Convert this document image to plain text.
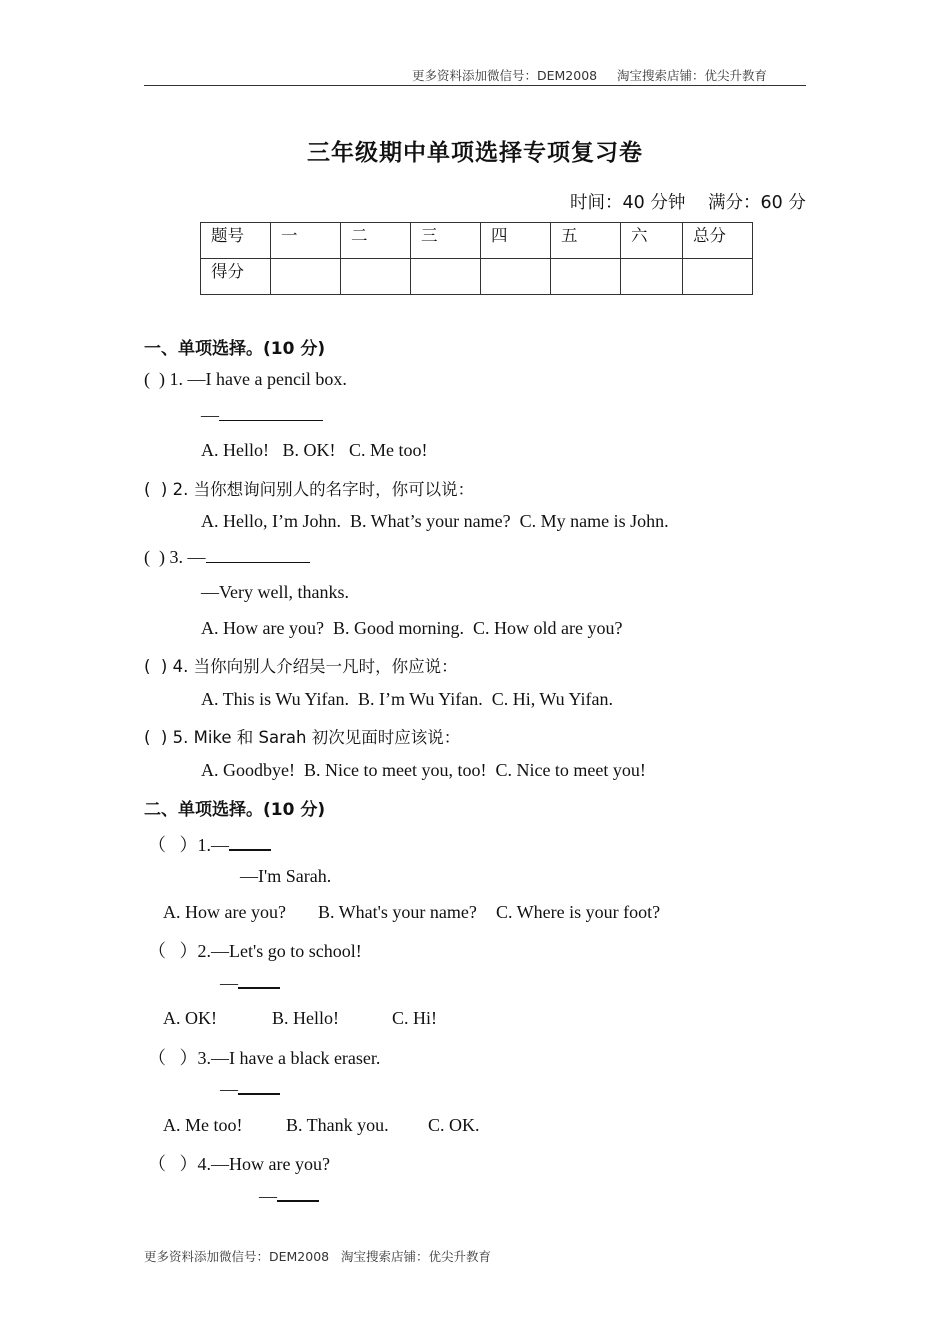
更多资料添加微信号：DEM2008     淘宝搜索店铺：优尖升教育
三年级期中单项选择专项复习卷
时间：40 分钟 满分：60 分
题号	一	二	三	四	五	六	总分
得分							
一、单项选择。(10 分)
(  ) 1. —I have a pencil box.
—
A. Hello!   B. OK!   C. Me too!
(  ) 2. 当你想询问别人的名字时，你可以说：
A. Hello, I’m John.  B. What’s your name?  C. My name is John.
(  ) 3. —
—Very well, thanks.
A. How are you?  B. Good morning.  C. How old are you?
(  ) 4. 当你向别人介绍吴一凡时，你应说：
A. This is Wu Yifan.  B. I’m Wu Yifan.  C. Hi, Wu Yifan.
(  ) 5. Mike 和 Sarah 初次见面时应该说：
A. Goodbye!  B. Nice to meet you, too!  C. Nice to meet you!
二、单项选择。(10 分)
（   ）1.—
—I'm Sarah.
A. How are you? B. What's your name? C. Where is your foot?
（   ）2.—Let's go to school!
—
A. OK!	B. Hello!	C. Hi!
（   ）3.—I have a black eraser.
—
A. Me too! B. Thank you. C. OK.
（   ）4.—How are you?
—
更多资料添加微信号：DEM2008   淘宝搜索店铺：优尖升教育
